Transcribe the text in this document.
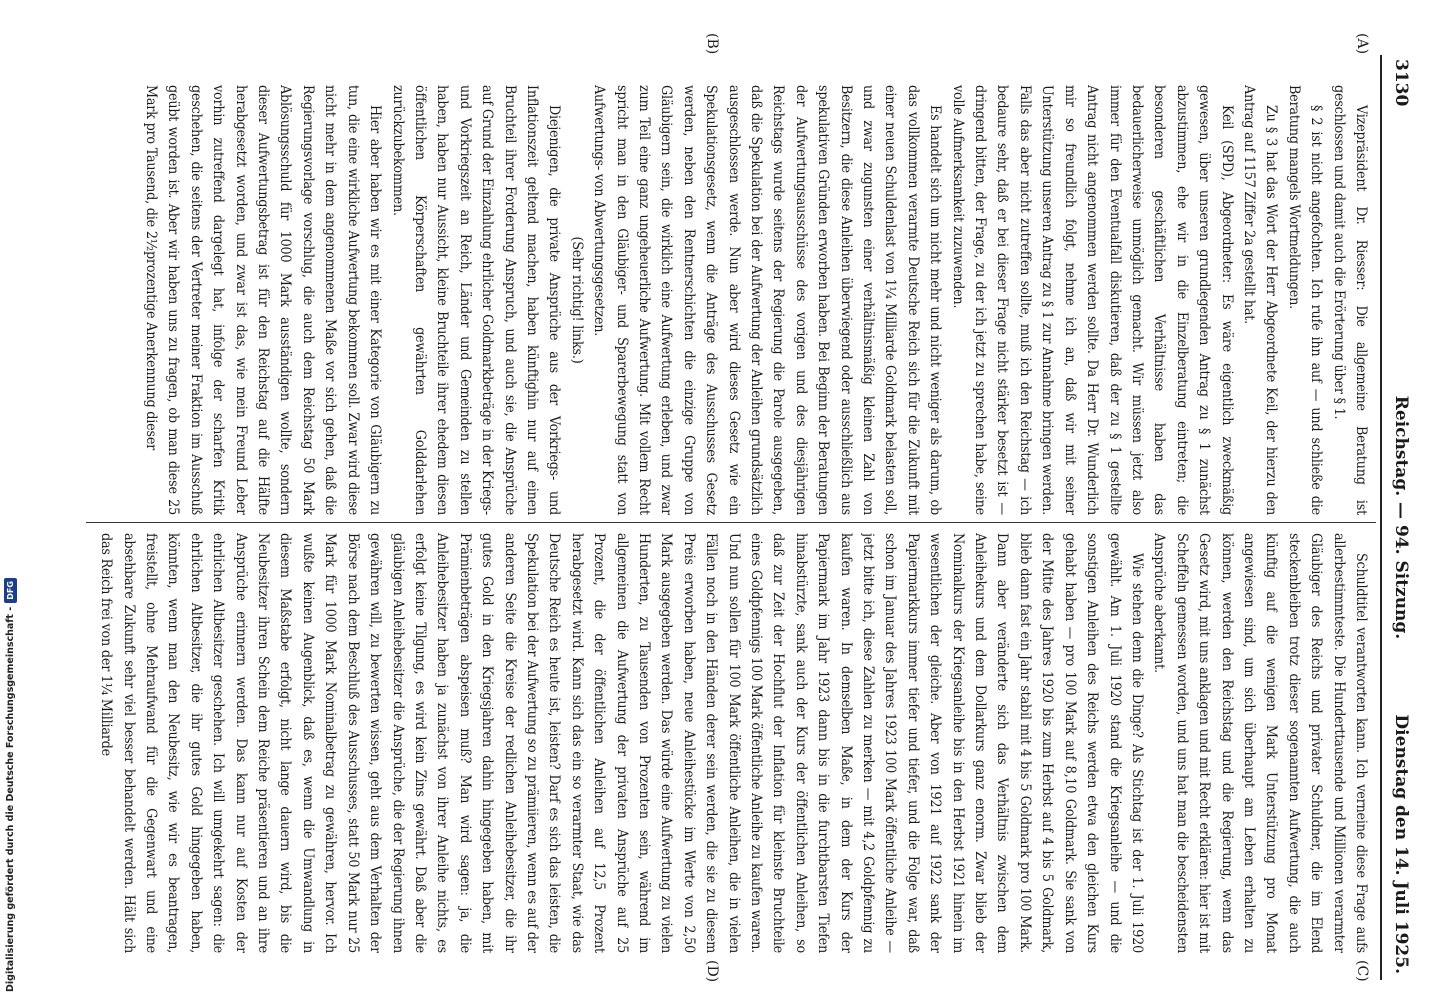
3130
Reichstag. — 94. Sitzung.
Dienstag den 14. Juli 1925.
(A)
(B)
(C)
(D)

Vizepräsident Dr. Riesser: Die allgemeine Beratung ist geschlossen und damit auch die Erörterung über § 1.

§ 2 ist nicht angefochten. Ich rufe ihn auf — und schließe die Beratung mangels Wortmeldungen.

Zu § 3 hat das Wort der Herr Abgeordnete Keil, der hierzu den Antrag auf 1157 Ziffer 2a gestellt hat.

Keil (SPD), Abgeordneter: Es wäre eigentlich zweckmäßig gewesen, über unseren grundlegenden Antrag zu § 1 zunächst abzustimmen, ehe wir in die Einzelberatung eintreten; die besonderen geschäftlichen Verhältnisse haben das bedauerlicherweise unmöglich gemacht. Wir müssen jetzt also immer für den Eventualfall diskutieren, daß der zu § 1 gestellte Antrag nicht angenommen werden sollte. Da Herr Dr. Wunderlich mir so freundlich folgt, nehme ich an, daß wir mit seiner Unterstützung unseren Antrag zu § 1 zur Annahme bringen werden. Falls das aber nicht zutreffen sollte, muß ich den Reichstag — ich bedaure sehr, daß er bei dieser Frage nicht stärker besetzt ist — dringend bitten, der Frage, zu der ich jetzt zu sprechen habe, seine volle Aufmerksamkeit zuzuwenden.

Es handelt sich um nicht mehr und nicht weniger als darum, ob das vollkommen verarmte Deutsche Reich sich für die Zukunft mit einer neuen Schuldenlast von 1¼ Milliarde Goldmark belasten soll, und zwar zugunsten einer verhältnismäßig kleinen Zahl von Besitzern, die diese Anleihen überwiegend oder ausschließlich aus spekulativen Gründen erworben haben. Bei Beginn der Beratungen der Aufwertungsausschüsse des vorigen und des diesjährigen Reichstags wurde seitens der Regierung die Parole ausgegeben, daß die Spekulation bei der Aufwertung der Anleihen grundsätzlich ausgeschlossen werde. Nun aber wird dieses Gesetz wie ein Spekulationsgesetz, wenn die Anträge des Ausschusses Gesetz werden, neben den Rentnerschichten die einzige Gruppe von Gläubigern sein, die wirklich eine Aufwertung erleben, und zwar zum Teil eine ganz ungeheuerliche Aufwertung. Mit vollem Recht spricht man in den Gläubiger- und Sparerbewegung statt von Aufwertungs- von Abwertungsgesetzen.

(Sehr richtig! links.)

Diejenigen, die private Ansprüche aus der Vorkriegs- und Inflationszeit geltend machen, haben künftighin nur auf einen Bruchteil ihrer Forderung Anspruch, und auch sie, die Ansprüche auf Grund der Einzahlung ehrlicher Goldmarkbeträge in der Kriegs- und Vorkriegszeit an Reich, Länder und Gemeinden zu stellen haben, haben nur Aussicht, kleine Bruchteile ihrer ehedem diesen öffentlichen Körperschaften gewährten Golddarlehen zurückzubekommen.

Hier aber haben wir es mit einer Kategorie von Gläubigern zu tun, die eine wirkliche Aufwertung bekommen soll. Zwar wird diese nicht mehr in dem angenommenen Maße vor sich gehen, daß die Regierungsvorlage vorschlug, die auch dem Reichstag 50 Mark Ablösungsschuld für 1000 Mark ausständigen wollte, sondern dieser Aufwertungsbetrag ist für den Reichstag auf die Hälfte herabgesetzt worden, und zwar ist das, wie mein Freund Leber vorhin zutreffend dargelegt hat, infolge der scharfen Kritik geschehen, die seitens der Vertreter meiner Fraktion im Ausschuß geübt worden ist. Aber wir haben uns zu fragen, ob man diese 25 Mark pro Tausend, die 2½prozentige Anerkennung dieser

Schuldtitel verantworten kann. Ich verneine diese Frage aufs allerbestimmteste. Die Hunderttausende und Millionen verarmter Gläubiger des Reichs und privater Schuldner, die im Elend steckenbleiben trotz dieser sogenannten Aufwertung, die auch künftig auf die wenigen Mark Unterstützung pro Monat angewiesen sind, um sich überhaupt am Leben erhalten zu können, werden den Reichstag und die Regierung, wenn das Gesetz wird, mit uns anklagen und mit Recht erklären: hier ist mit Scheffeln gemessen worden, und uns hat man die bescheidensten Ansprüche aberkannt.

Wie stehen denn die Dinge? Als Stichtag ist der 1. Juli 1920 gewählt. Am 1. Juli 1920 stand die Kriegsanleihe — und die sonstigen Anleihen des Reichs werden etwa den gleichen Kurs gehabt haben — pro 100 Mark auf 8,10 Goldmark. Sie sank von der Mitte des Jahres 1920 bis zum Herbst auf 4 bis 5 Goldmark, blieb dann fast ein Jahr stabil mit 4 bis 5 Goldmark pro 100 Mark. Dann aber veränderte sich das Verhältnis zwischen dem Anleihekurs und dem Dollarkurs ganz enorm. Zwar blieb der Nominalkurs der Kriegsanleihe bis in den Herbst 1921 hinein im wesentlichen der gleiche. Aber von 1921 auf 1922 sank der Papiermarkkurs immer tiefer und tiefer, und die Folge war, daß schon im Januar des Jahres 1923 100 Mark öffentliche Anleihe — jetzt bitte ich, diese Zahlen zu merken — mit 4,2 Goldpfennig zu kaufen waren. In demselben Maße, in dem der Kurs der Papiermark im Jahr 1923 dann bis in die furchtbarsten Tiefen hinabstürzte, sank auch der Kurs der öffentlichen Anleihen, so daß zur Zeit der Hochflut der Inflation für kleinste Bruchteile eines Goldpfennigs 100 Mark öffentliche Anleihe zu kaufen waren. Und nun sollen für 100 Mark öffentliche Anleihen, die in vielen Fällen noch in den Händen derer sein werden, die sie zu diesem Preis erworben haben, neue Anleihestücke im Werte von 2,50 Mark ausgegeben werden. Das würde eine Aufwertung zu vielen Hunderten, zu Tausenden von Prozenten sein, während im allgemeinen die Aufwertung der privaten Ansprüche auf 25 Prozent, die der öffentlichen Anleihen auf 12,5 Prozent herabgesetzt wird. Kann sich das ein so verarmter Staat, wie das Deutsche Reich es heute ist, leisten? Darf es sich das leisten, die Spekulation bei der Aufwertung so zu prämiieren, wenn es auf der anderen Seite die Kreise der redlichen Anleihebesitzer, die ihr gutes Gold in den Kriegsjahren dahin hingegeben haben, mit Prämienbeträgen abspeisen muß? Man wird sagen: ja, die Anleihebesitzer haben ja zunächst von ihrer Anleihe nichts, es erfolgt keine Tilgung, es wird kein Zins gewährt. Daß aber die gläubigen Anleihebesitzer die Ansprüche, die der Regierung ihnen gewähren will, zu bewerten wissen, geht aus dem Verhalten der Börse nach dem Beschluß des Ausschusses, statt 50 Mark nur 25 Mark für 1000 Mark Nominalbetrag zu gewähren, hervor. Ich wußte keinen Augenblick, daß es, wenn die Umwandlung in diesem Maßstabe erfolgt, nicht lange dauern wird, bis die Neubesitzer ihren Schein dem Reiche präsentieren und an ihre Ansprüche erinnern werden. Das kann nur auf Kosten der ehrlichen Altbesitzer geschehen. Ich will umgekehrt sagen: die ehrlichen Altbesitzer, die ihr gutes Gold hingegeben haben, könnten, wenn man den Neubesitz, wie wir es beantragen, freistellt, ohne Mehraufwand für die Gegenwart und eine absehbare Zukunft sehr viel besser behandelt werden. Hält sich das Reich frei von der 1¼ Milliarde

Digitalisierung gefördert durch die Deutsche Forschungsgemeinschaft -
DFG
